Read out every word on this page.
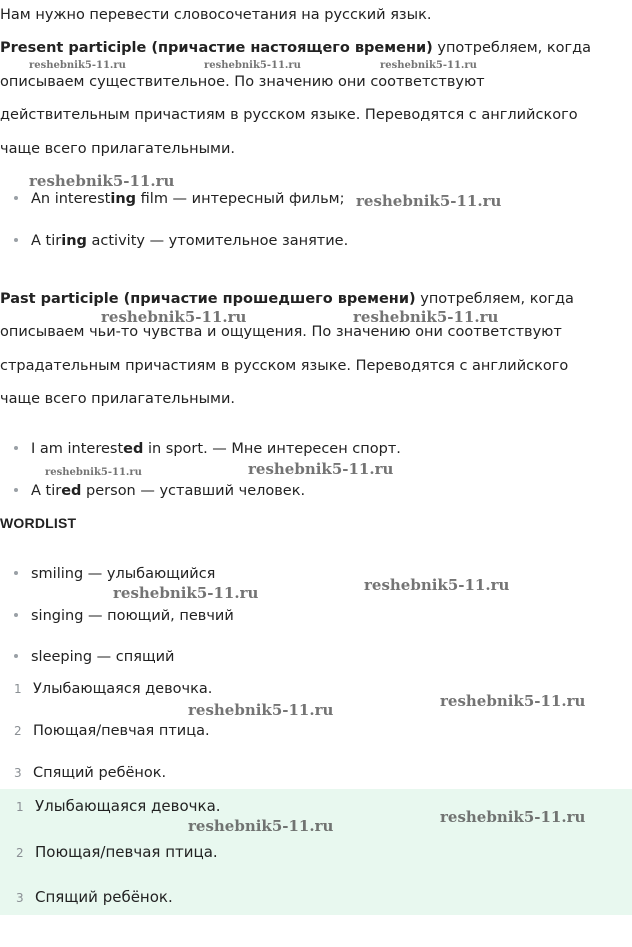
Нам нужно перевести словосочетания на русский язык.
Present participle (причастие настоящего времени) употребляем, когда
описываем существительное. По значению они соответствуют
действительным причастиям в русском языке. Переводятся с английского
чаще всего прилагательными.
An interesting film — интересный фильм;
A tiring activity — утомительное занятие.
Past participle (причастие прошедшего времени) употребляем, когда
описываем чьи-то чувства и ощущения. По значению они соответствуют
страдательным причастиям в русском языке. Переводятся с английского
чаще всего прилагательными.
I am interested in sport. — Мне интересен спорт.
A tired person — уставший человек.
WORDLIST
smiling — улыбающийся
singing — поющий, певчий
sleeping — спящий
1 Улыбающаяся девочка.
2 Поющая/певчая птица.
3 Спящий ребёнок.
1 Улыбающаяся девочка.
2 Поющая/певчая птица.
3 Спящий ребёнок.
reshebnik5-11.ru	reshebnik5-11.ru	reshebnik5-11.ru
reshebnik5-11.ru
reshebnik5-11.ru
reshebnik5-11.ru	reshebnik5-11.ru
reshebnik5-11.ru	reshebnik5-11.ru
reshebnik5-11.ru
reshebnik5-11.ru
reshebnik5-11.ru
reshebnik5-11.ru
reshebnik5-11.ru
reshebnik5-11.ru
